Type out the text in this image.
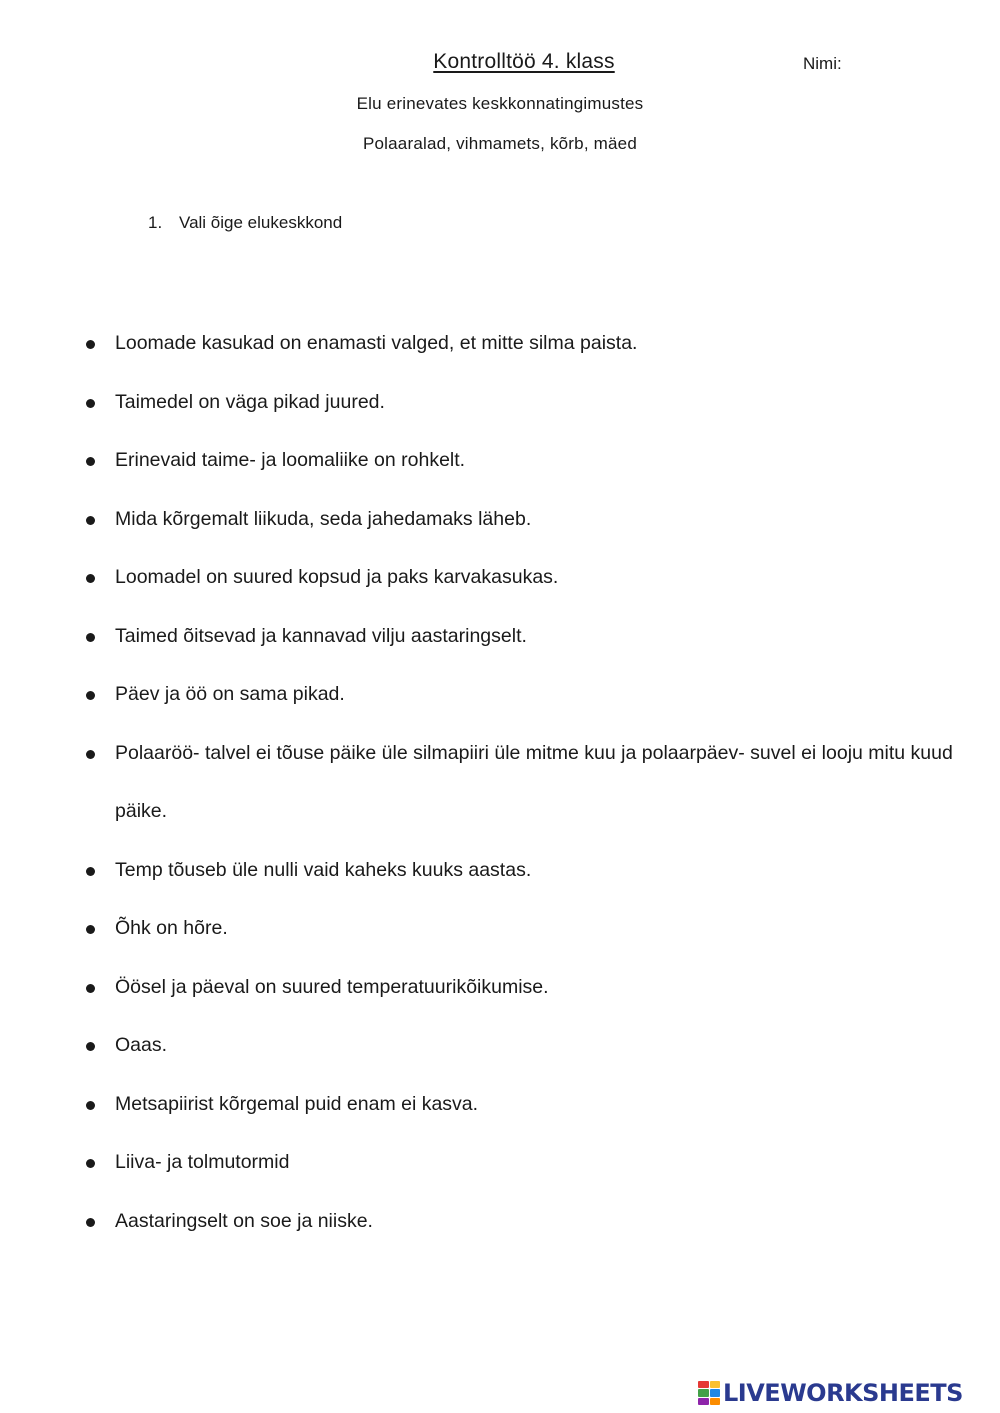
Kontrolltöö 4. klass	Nimi:
Elu erinevates keskkonnatingimustes
Polaaralad, vihmamets, kõrb, mäed
1. Vali õige elukeskkond
Loomade kasukad on enamasti valged, et mitte silma paista.
Taimedel on väga pikad juured.
Erinevaid taime- ja loomaliike on rohkelt.
Mida kõrgemalt liikuda, seda jahedamaks läheb.
Loomadel on suured kopsud ja paks karvakasukas.
Taimed õitsevad ja kannavad vilju aastaringselt.
Päev ja öö on sama pikad.
Polaaröö- talvel ei tõuse päike üle silmapiiri üle mitme kuu ja polaarpäev- suvel ei looju mitu kuud päike.
Temp tõuseb üle nulli vaid kaheks kuuks aastas.
Õhk on hõre.
Öösel ja päeval on suured temperatuurikõikumise.
Oaas.
Metsapiirist kõrgemal puid enam ei kasva.
Liiva- ja tolmutormid
Aastaringselt on soe ja niiske.
LIVEWORKSHEETS
